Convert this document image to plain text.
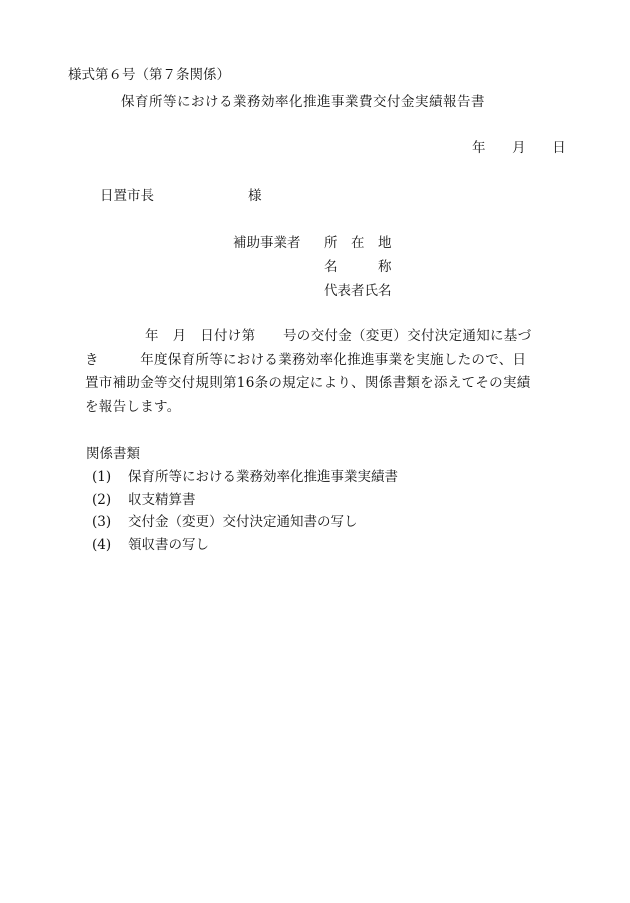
様式第６号（第７条関係）
保育所等における業務効率化推進事業費交付金実績報告書
年 月 日
日置市長	様
補助事業者 所　在　地
名　　　称
代表者氏名
年　月　日付け第　　号の交付金（変更）交付決定通知に基づ
き　　　年度保育所等における業務効率化推進事業を実施したので、日
置市補助金等交付規則第16条の規定により、関係書類を添えてその実績
を報告します。
関係書類
(1) 保育所等における業務効率化推進事業実績書
(2) 収支精算書
(3) 交付金（変更）交付決定通知書の写し
(4) 領収書の写し
